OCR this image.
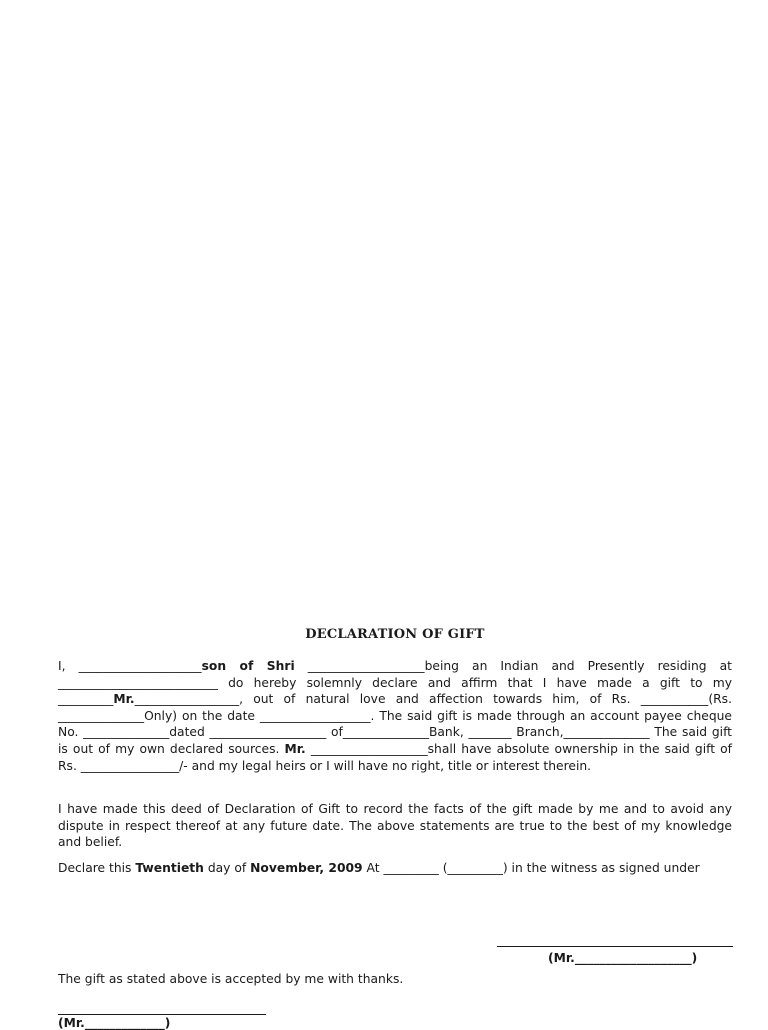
DECLARATION OF GIFT
I, ____________________son of Shri ___________________being an Indian and Presently residing at __________________________ do hereby solemnly declare and affirm that I have made a gift to my _________Mr._________________, out of natural love and affection towards him, of Rs. ___________(Rs. ______________Only) on the date __________________. The said gift is made through an account payee cheque No. ______________dated ___________________ of______________Bank, _______ Branch,______________ The said gift is out of my own declared sources. Mr. ___________________shall have absolute ownership in the said gift of Rs. ________________/- and my legal heirs or I will have no right, title or interest therein.
I have made this deed of Declaration of Gift to record the facts of the gift made by me and to avoid any dispute in respect thereof at any future date. The above statements are true to the best of my knowledge and belief.
Declare this Twentieth day of November, 2009 At _________ (_________) in the witness as signed under
(Mr.___________________)
The gift as stated above is accepted by me with thanks.
(Mr._____________)
